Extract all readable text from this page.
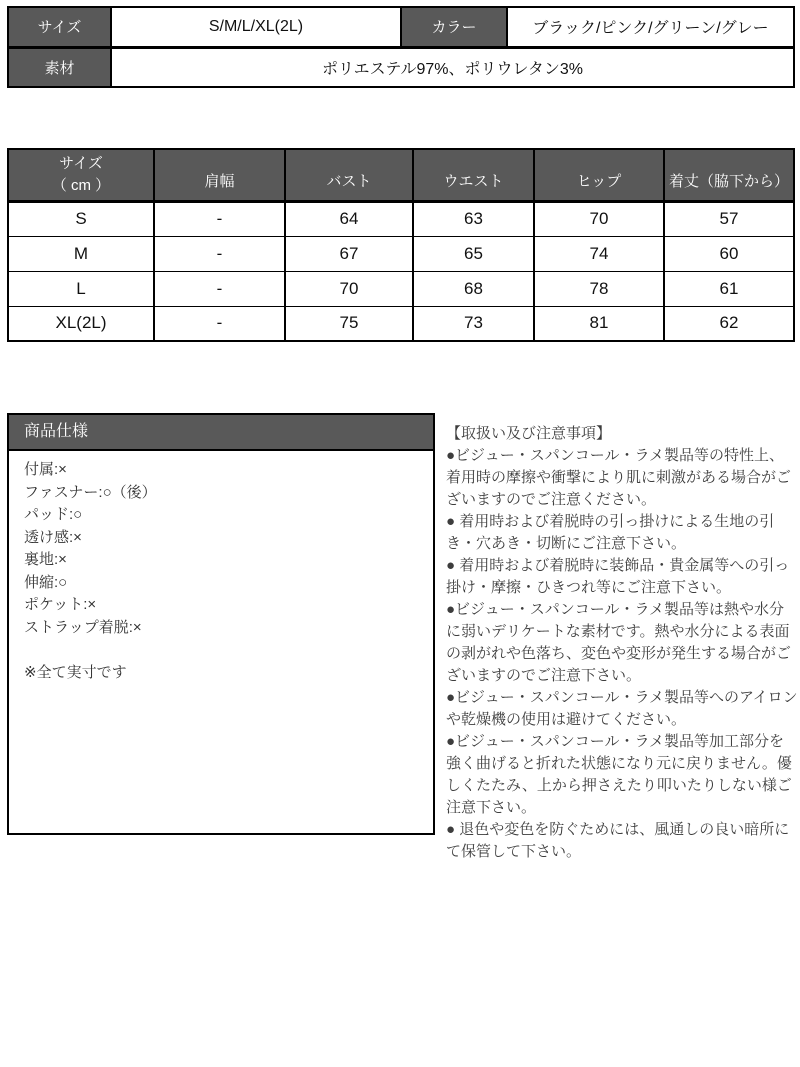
サイズ	S/M/L/XL(2L)	カラー	ブラック/ピンク/グリーン/グレー
素材	ポリエステル97%、ポリウレタン3%		
サイズ
（ cm ）	肩幅	バスト	ウエスト	ヒップ	着丈（脇下から）
S	-	64	63	70	57
M	-	67	65	74	60
L	-	70	68	78	61
XL(2L)	-	75	73	81	62
商品仕様
付属:×
ファスナー:○（後）
パッド:○
透け感:×
裏地:×
伸縮:○
ポケット:×
ストラップ着脱:×
※全て実寸です

【取扱い及び注意事項】

●ビジュー・スパンコール・ラメ製品等の特性上、着用時の摩擦や衝撃により肌に刺激がある場合がございますのでご注意ください。

● 着用時および着脱時の引っ掛けによる生地の引き・穴あき・切断にご注意下さい。

● 着用時および着脱時に装飾品・貴金属等への引っ掛け・摩擦・ひきつれ等にご注意下さい。

●ビジュー・スパンコール・ラメ製品等は熱や水分に弱いデリケートな素材です。熱や水分による表面の剥がれや色落ち、変色や変形が発生する場合がございますのでご注意下さい。

●ビジュー・スパンコール・ラメ製品等へのアイロンや乾燥機の使用は避けてください。

●ビジュー・スパンコール・ラメ製品等加工部分を強く曲げると折れた状態になり元に戻りません。優しくたたみ、上から押さえたり叩いたりしない様ご注意下さい。

● 退色や変色を防ぐためには、風通しの良い暗所にて保管して下さい。
